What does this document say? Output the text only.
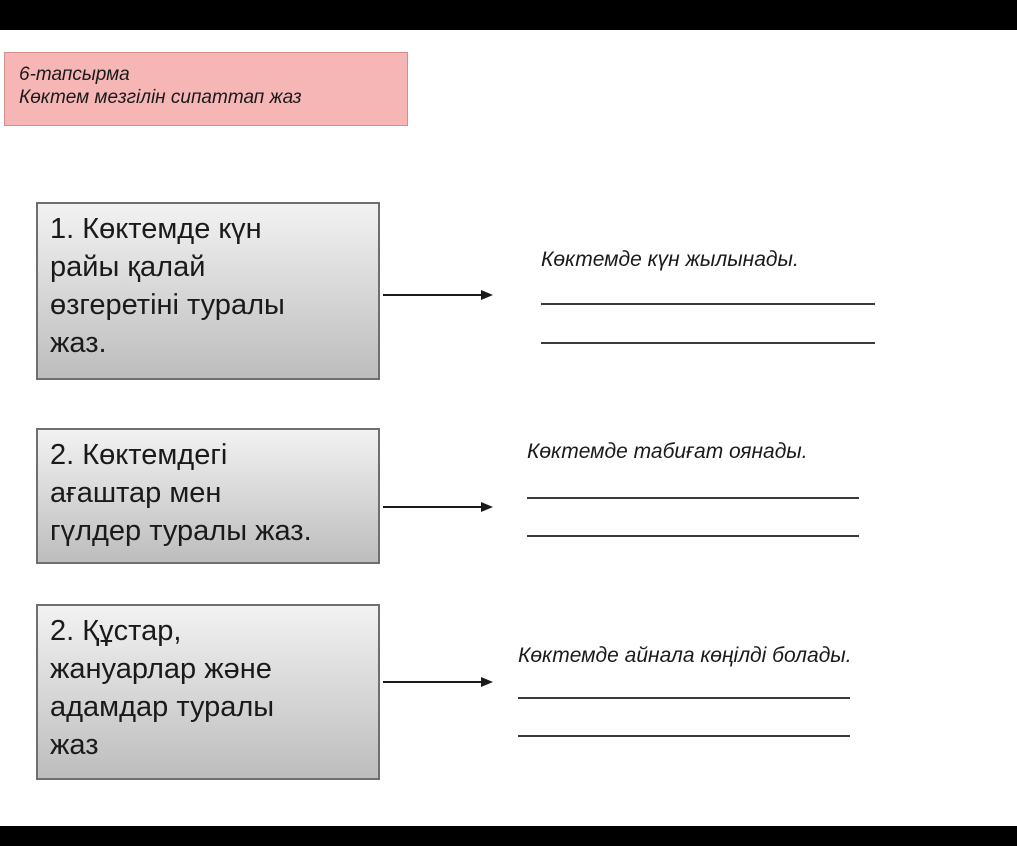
6-тапсырма
Көктем мезгілін сипаттап жаз
1. Көктемде күн
райы қалай
өзгеретіні туралы
жаз.
Көктемде күн жылынады.
2. Көктемдегі
ағаштар мен
гүлдер туралы жаз.
Көктемде табиғат оянады.
2. Құстар,
жануарлар және
адамдар туралы
жаз
Көктемде айнала көңілді болады.
